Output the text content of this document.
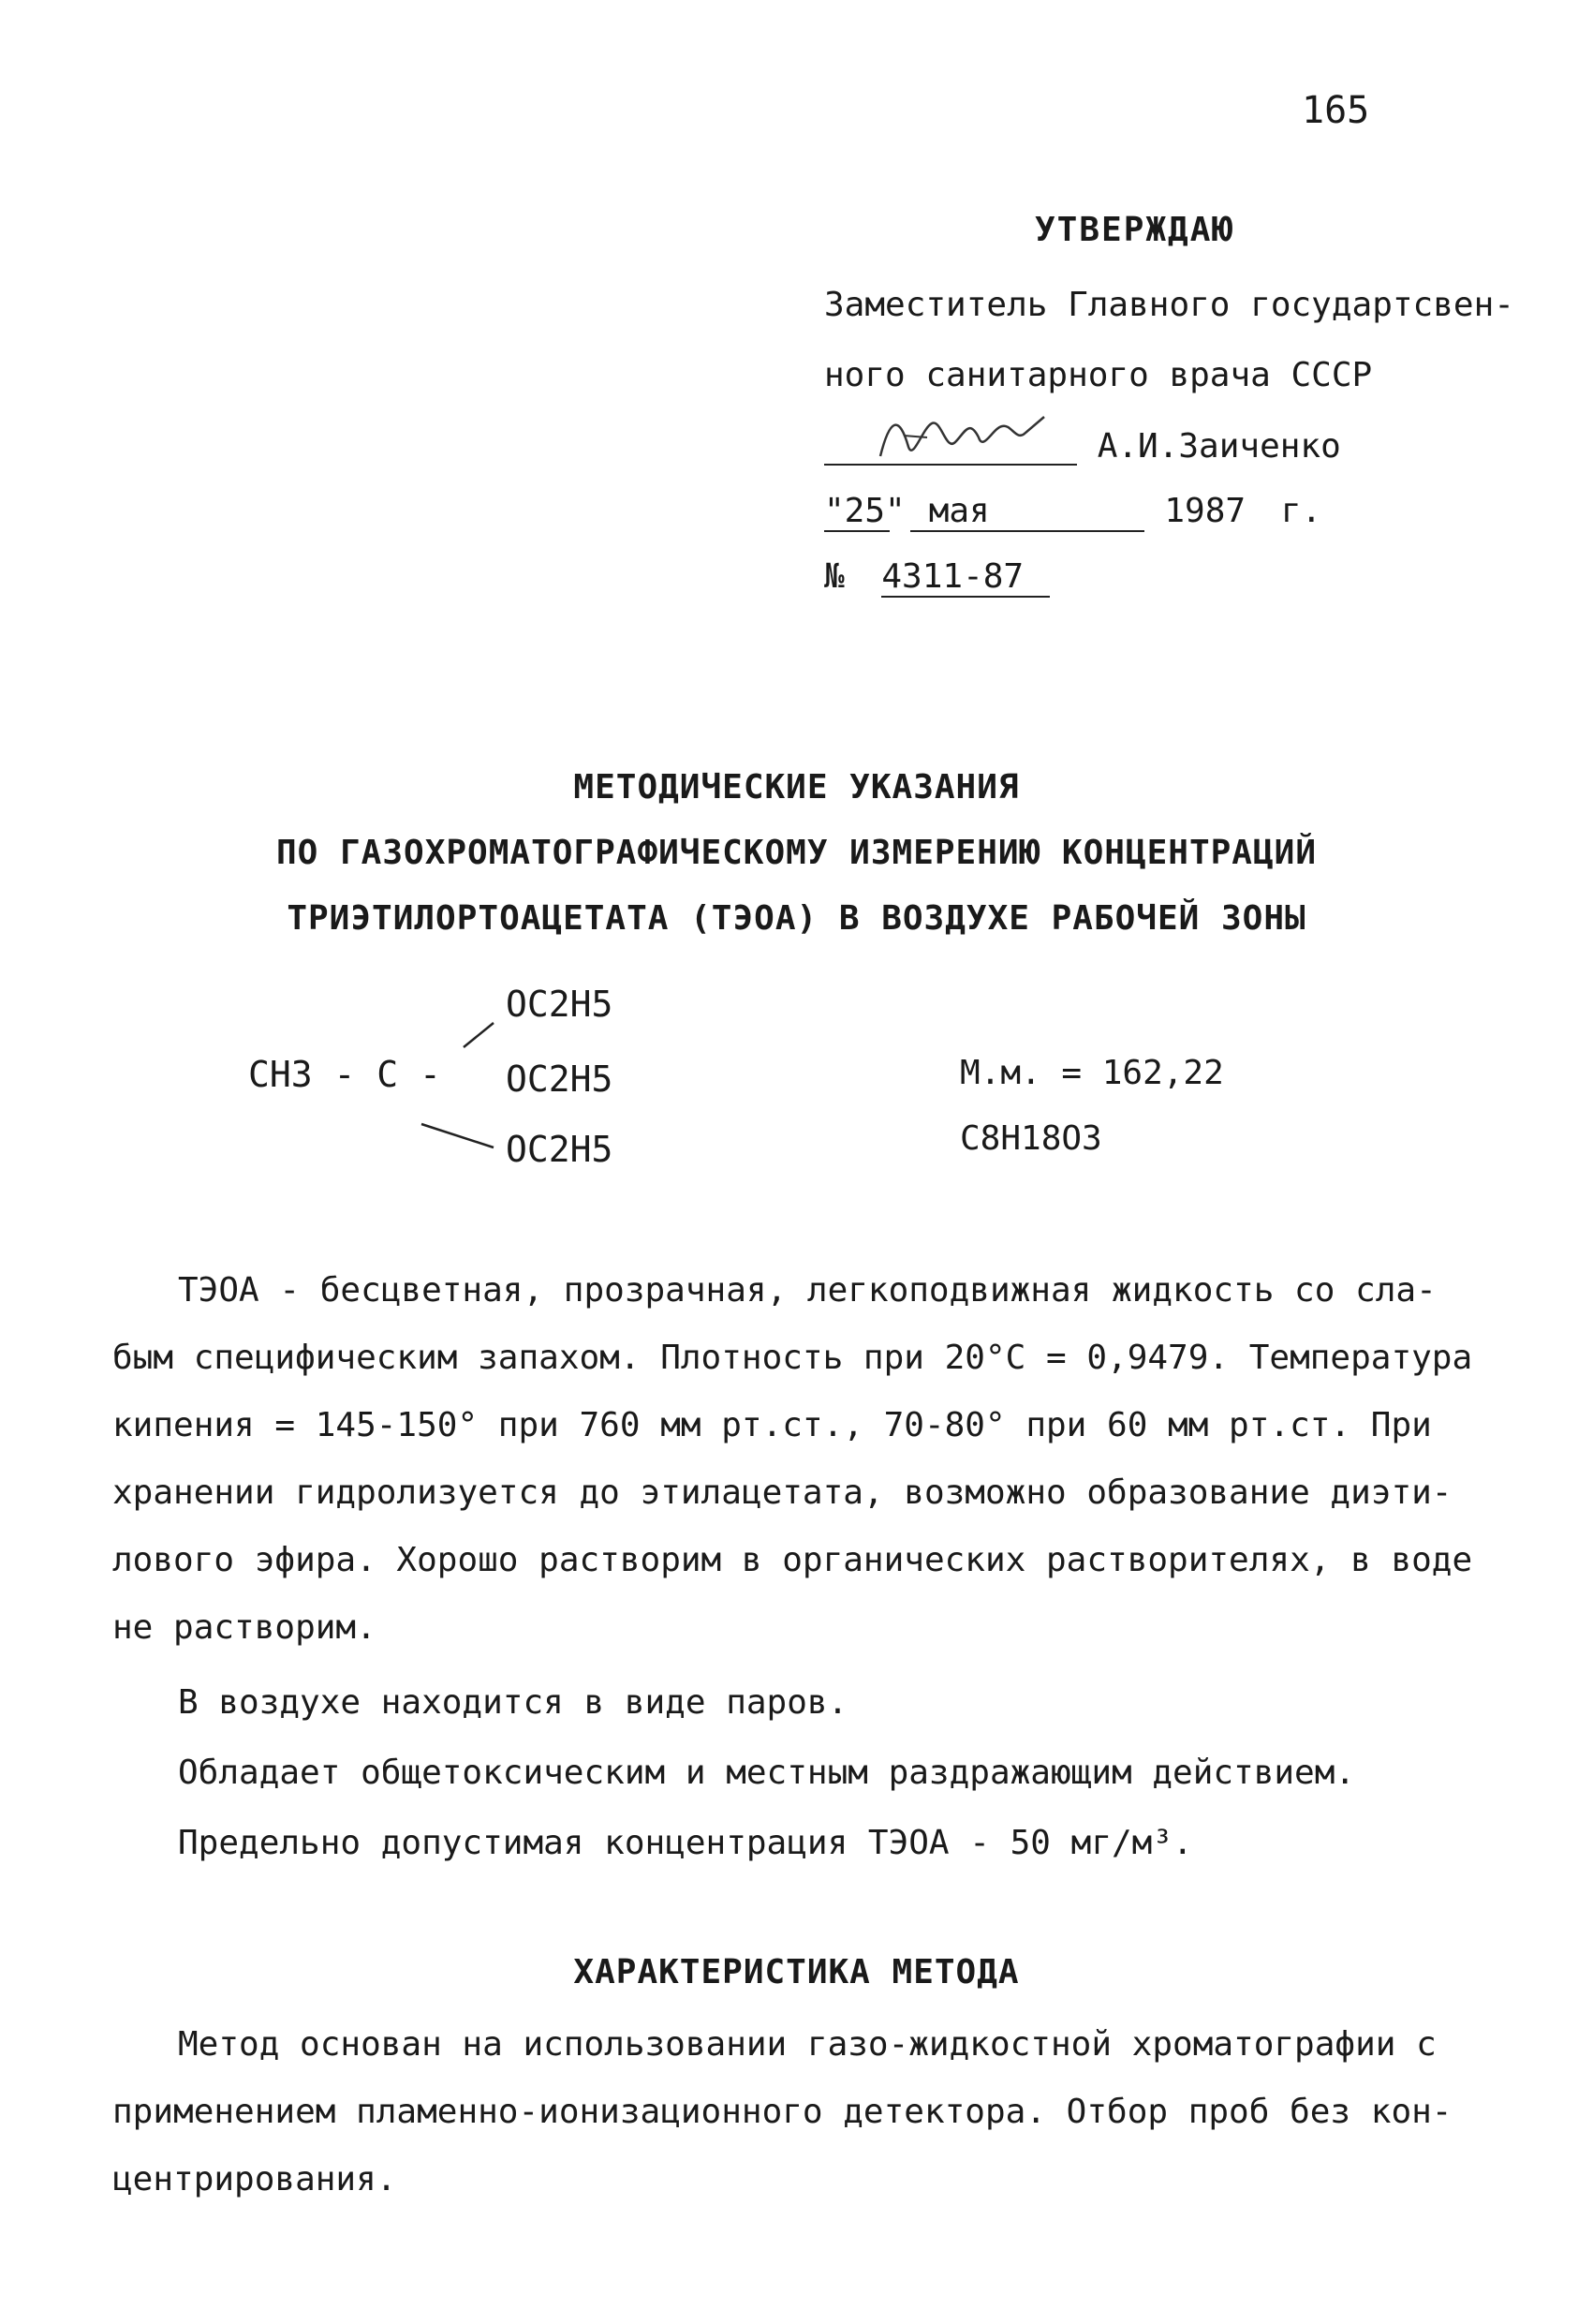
165
УТВЕРЖДАЮ
Заместитель Главного государтсвен-
ного санитарного врача СССР
А.И.Заиченко
"25" мая	1987 г.
№ 4311-87
МЕТОДИЧЕСКИЕ УКАЗАНИЯ
ПО ГАЗОХРОМАТОГРАФИЧЕСКОМУ ИЗМЕРЕНИЮ КОНЦЕНТРАЦИЙ
ТРИЭТИЛОРТОАЦЕТАТА (ТЭОА) В ВОЗДУХЕ РАБОЧЕЙ ЗОНЫ
CH3 - C -
OC2H5
OC2H5
OC2H5
М.м. = 162,22
C8H18O3
ТЭОА - бесцветная, прозрачная, легкоподвижная жидкость со сла-
бым специфическим запахом. Плотность при 20°С = 0,9479. Температура
кипения = 145-150° при 760 мм рт.ст., 70-80° при 60 мм рт.ст. При
хранении гидролизуется до этилацетата, возможно образование диэти-
лового эфира. Хорошо растворим в органических растворителях, в воде
не растворим.
В воздухе находится в виде паров.
Обладает общетоксическим и местным раздражающим действием.
Предельно допустимая концентрация ТЭОА - 50 мг/м³.
ХАРАКТЕРИСТИКА МЕТОДА
Метод основан на использовании газо-жидкостной хроматографии с
применением пламенно-ионизационного детектора. Отбор проб без кон-
центрирования.
